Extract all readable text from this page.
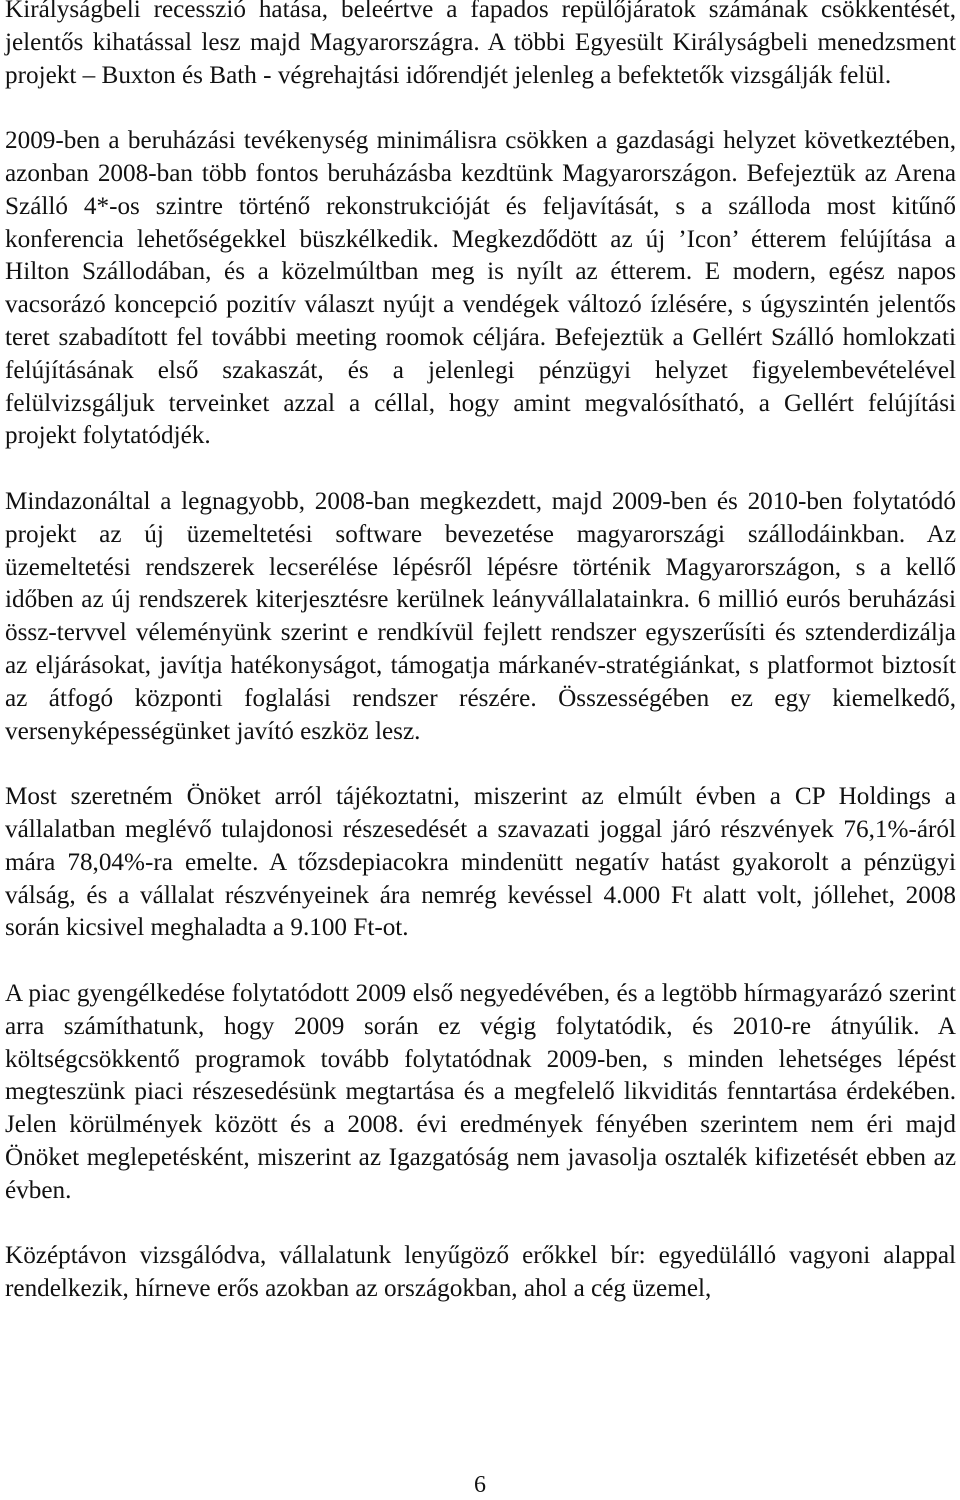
Királyságbeli recesszió hatása, beleértve a fapados repülőjáratok számának csökkentését, jelentős kihatással lesz majd Magyarországra. A többi Egyesült Királyságbeli menedzsment projekt – Buxton és Bath - végrehajtási időrendjét jelenleg a befektetők vizsgálják felül.

2009-ben a beruházási tevékenység minimálisra csökken a gazdasági helyzet következtében, azonban 2008-ban több fontos beruházásba kezdtünk Magyarországon. Befejeztük az Arena Szálló 4*-os szintre történő rekonstrukcióját és feljavítását, s a szálloda most kitűnő konferencia lehetőségekkel büszkélkedik. Megkezdődött az új ’Icon’ étterem felújítása a Hilton Szállodában, és a közelmúltban meg is nyílt az étterem. E modern, egész napos vacsorázó koncepció pozitív választ nyújt a vendégek változó ízlésére, s úgyszintén jelentős teret szabadított fel további meeting roomok céljára. Befejeztük a Gellért Szálló homlokzati felújításának első szakaszát, és a jelenlegi pénzügyi helyzet figyelembevételével felülvizsgáljuk terveinket azzal a céllal, hogy amint megvalósítható, a Gellért felújítási projekt folytatódjék.

Mindazonáltal a legnagyobb, 2008-ban megkezdett, majd 2009-ben és 2010-ben folytatódó projekt az új üzemeltetési software bevezetése magyarországi szállodáinkban. Az üzemeltetési rendszerek lecserélése lépésről lépésre történik Magyarországon, s a kellő időben az új rendszerek kiterjesztésre kerülnek leányvállalatainkra. 6 millió eurós beruházási össz-tervvel véleményünk szerint e rendkívül fejlett rendszer egyszerűsíti és sztenderdizálja az eljárásokat, javítja hatékonyságot, támogatja márkanév-stratégiánkat, s platformot biztosít az átfogó központi foglalási rendszer részére. Összességében ez egy kiemelkedő, versenyképességünket javító eszköz lesz.

Most szeretném Önöket arról tájékoztatni, miszerint az elmúlt évben a CP Holdings a vállalatban meglévő tulajdonosi részesedését a szavazati joggal járó részvények 76,1%-áról mára 78,04%-ra emelte. A tőzsdepiacokra mindenütt negatív hatást gyakorolt a pénzügyi válság, és a vállalat részvényeinek ára nemrég kevéssel 4.000 Ft alatt volt, jóllehet, 2008 során kicsivel meghaladta a 9.100 Ft-ot.

A piac gyengélkedése folytatódott 2009 első negyedévében, és a legtöbb hírmagyarázó szerint arra számíthatunk, hogy 2009 során ez végig folytatódik, és 2010-re átnyúlik. A költségcsökkentő programok tovább folytatódnak 2009-ben, s minden lehetséges lépést megteszünk piaci részesedésünk megtartása és a megfelelő likviditás fenntartása érdekében. Jelen körülmények között és a 2008. évi eredmények fényében szerintem nem éri majd Önöket meglepetésként, miszerint az Igazgatóság nem javasolja osztalék kifizetését ebben az évben.

Középtávon vizsgálódva, vállalatunk lenyűgöző erőkkel bír: egyedülálló vagyoni alappal rendelkezik, hírneve erős azokban az országokban, ahol a cég üzemel,

6
